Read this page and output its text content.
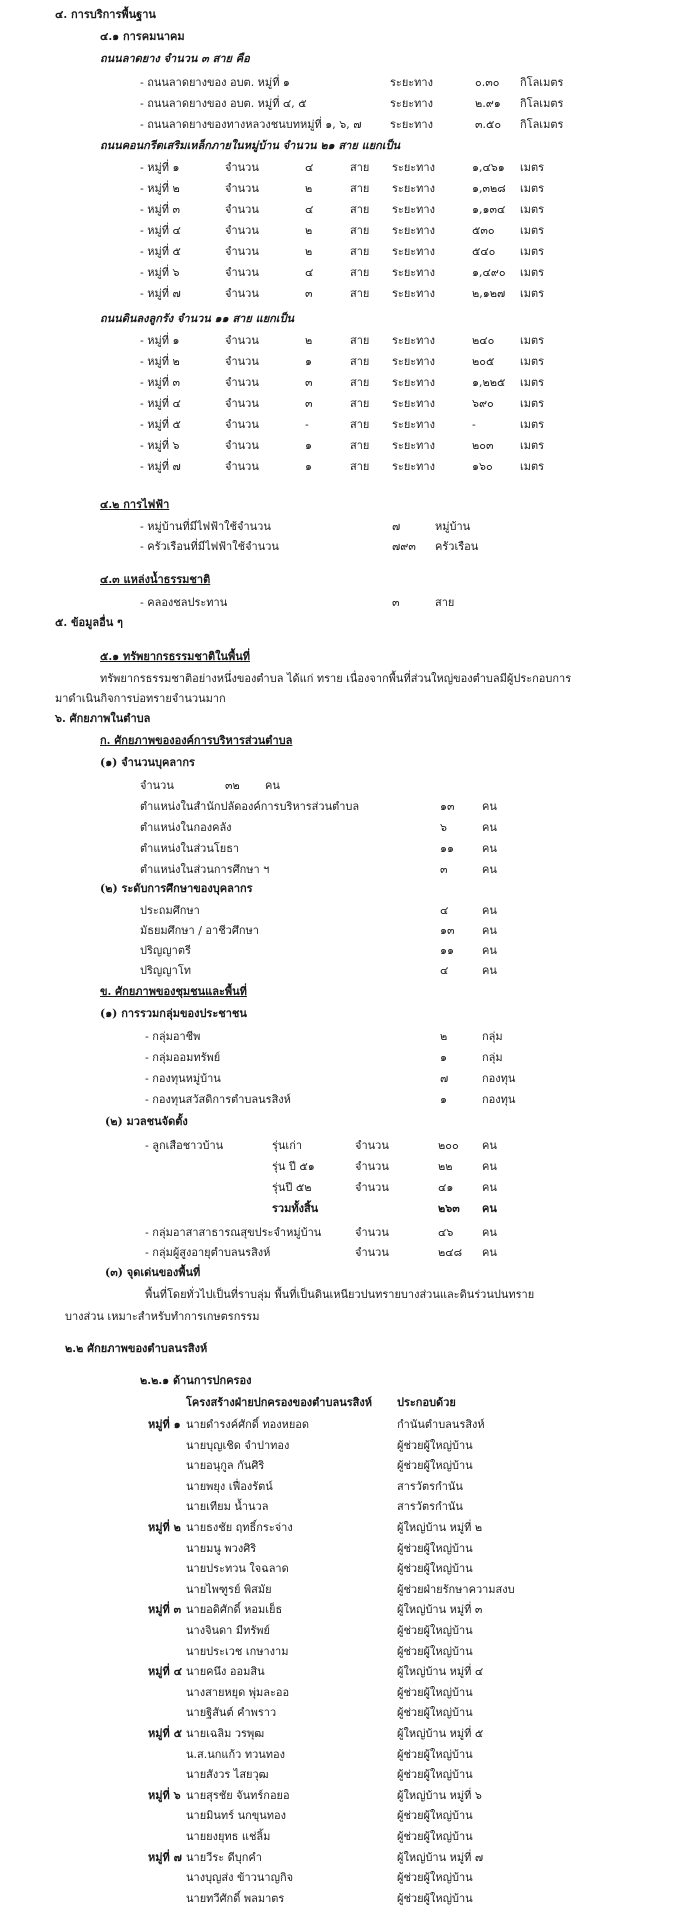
๔. การบริการพื้นฐาน
๔.๑ การคมนาคม
ถนนลาดยาง จำนวน ๓ สาย คือ
- ถนนลาดยางของ อบต. หมู่ที่ ๑	ระยะทาง	๐.๓๐ กิโลเมตร
- ถนนลาดยางของ อบต. หมู่ที่ ๔, ๕	ระยะทาง	๒.๙๑ กิโลเมตร
- ถนนลาดยางของทางหลวงชนบทหมู่ที่ ๑, ๖, ๗	ระยะทาง	๓.๕๐ กิโลเมตร
ถนนคอนกรีตเสริมเหล็กภายในหมู่บ้าน จำนวน ๒๑ สาย แยกเป็น
- หมู่ที่ ๑	จำนวน	๔	สาย ระยะทาง	๑,๔๖๑ เมตร
- หมู่ที่ ๒	จำนวน	๒	สาย ระยะทาง	๑,๓๒๘ เมตร
- หมู่ที่ ๓	จำนวน	๔	สาย ระยะทาง	๑,๑๓๔ เมตร
- หมู่ที่ ๔	จำนวน	๒	สาย ระยะทาง	๕๓๐ เมตร
- หมู่ที่ ๕	จำนวน	๒	สาย ระยะทาง	๕๔๐ เมตร
- หมู่ที่ ๖	จำนวน	๔	สาย ระยะทาง	๑,๔๙๐ เมตร
- หมู่ที่ ๗	จำนวน	๓	สาย ระยะทาง	๒,๑๒๗ เมตร
ถนนดินลงลูกรัง จำนวน ๑๑ สาย แยกเป็น
- หมู่ที่ ๑	จำนวน	๒	สาย ระยะทาง	๒๔๐ เมตร
- หมู่ที่ ๒	จำนวน	๑	สาย ระยะทาง	๒๐๕ เมตร
- หมู่ที่ ๓	จำนวน	๓	สาย ระยะทาง	๑,๒๒๕ เมตร
- หมู่ที่ ๔	จำนวน	๓	สาย ระยะทาง	๖๙๐ เมตร
- หมู่ที่ ๕	จำนวน	-	สาย ระยะทาง	-	เมตร
- หมู่ที่ ๖	จำนวน	๑	สาย ระยะทาง	๒๐๓ เมตร
- หมู่ที่ ๗	จำนวน	๑	สาย ระยะทาง	๑๖๐ เมตร
๔.๒ การไฟฟ้า
- หมู่บ้านที่มีไฟฟ้าใช้จำนวน	๗	หมู่บ้าน
- ครัวเรือนที่มีไฟฟ้าใช้จำนวน	๗๙๓ ครัวเรือน
๔.๓ แหล่งน้ำธรรมชาติ
- คลองชลประทาน	๓	สาย
๕. ข้อมูลอื่น ๆ
๕.๑ ทรัพยากรธรรมชาติในพื้นที่
ทรัพยากรธรรมชาติอย่างหนึ่งของตำบล ได้แก่ ทราย เนื่องจากพื้นที่ส่วนใหญ่ของตำบลมีผู้ประกอบการ
มาดำเนินกิจการบ่อทรายจำนวนมาก
๖. ศักยภาพในตำบล
ก. ศักยภาพขององค์การบริหารส่วนตำบล
(๑) จำนวนบุคลากร
จำนวน	๓๒ คน
ตำแหน่งในสำนักปลัดองค์การบริหารส่วนตำบล	๑๓ คน
ตำแหน่งในกองคลัง	๖	คน
ตำแหน่งในส่วนโยธา	๑๑	คน
ตำแหน่งในส่วนการศึกษา ฯ	๓	คน
(๒) ระดับการศึกษาของบุคลากร
ประถมศึกษา	๔	คน
มัธยมศึกษา / อาชีวศึกษา	๑๓ คน
ปริญญาตรี	๑๑	คน
ปริญญาโท	๔	คน
ข. ศักยภาพของชุมชนและพื้นที่
(๑) การรวมกลุ่มของประชาชน
- กลุ่มอาชีพ	๒	กลุ่ม
- กลุ่มออมทรัพย์	๑	กลุ่ม
- กองทุนหมู่บ้าน	๗	กองทุน
- กองทุนสวัสดิการตำบลนรสิงห์	๑	กองทุน
(๒) มวลชนจัดตั้ง
- ลูกเสือชาวบ้าน	รุ่นเก่า	จำนวน	๒๐๐ คน
รุ่น ปี ๕๑	จำนวน	๒๒	คน
รุ่นปี ๕๒	จำนวน	๔๑	คน
รวมทั้งสิ้น	๒๖๓ คน
- กลุ่มอาสาสาธารณสุขประจำหมู่บ้าน	จำนวน	๔๖	คน
- กลุ่มผู้สูงอายุตำบลนรสิงห์	จำนวน	๒๔๘ คน
(๓) จุดเด่นของพื้นที่
พื้นที่โดยทั่วไปเป็นที่ราบลุ่ม พื้นที่เป็นดินเหนียวปนทรายบางส่วนและดินร่วนปนทราย
บางส่วน เหมาะสำหรับทำการเกษตรกรรม
๒.๒ ศักยภาพของตำบลนรสิงห์
๒.๒.๑ ด้านการปกครอง
โครงสร้างฝ่ายปกครองของตำบลนรสิงห์ ประกอบด้วย
หมู่ที่ ๑ นายดำรงค์ศักดิ์ ทองหยอด	กำนันตำบลนรสิงห์
นายบุญเชิด จำปาทอง	ผู้ช่วยผู้ใหญ่บ้าน
นายอนุกูล กันศิริ	ผู้ช่วยผู้ใหญ่บ้าน
นายพยุง เฟื่องรัตน์	สารวัตรกำนัน
นายเทียม น้ำนวล	สารวัตรกำนัน
หมู่ที่ ๒ นายธงชัย ฤทธิ์กระจ่าง	ผู้ใหญ่บ้าน หมู่ที่ ๒
นายมนู พวงศิริ	ผู้ช่วยผู้ใหญ่บ้าน
นายประทวน ใจฉลาด	ผู้ช่วยผู้ใหญ่บ้าน
นายไพฑูรย์ พิสมัย	ผู้ช่วยฝ่ายรักษาความสงบ
หมู่ที่ ๓ นายอดิศักดิ์ หอมเย็ธ	ผู้ใหญ่บ้าน หมู่ที่ ๓
นางจินดา มีทรัพย์	ผู้ช่วยผู้ใหญ่บ้าน
นายประเวช เกษางาม	ผู้ช่วยผู้ใหญ่บ้าน
หมู่ที่ ๔ นายคนึง ออมสิน	ผู้ใหญ่บ้าน หมู่ที่ ๔
นางสายหยุด พุ่มละออ	ผู้ช่วยผู้ใหญ่บ้าน
นายฐิสันต์ คำพราว	ผู้ช่วยผู้ใหญ่บ้าน
หมู่ที่ ๕ นายเฉลิม วรพุฒ	ผู้ใหญ่บ้าน หมู่ที่ ๕
น.ส.นกแก้ว ทวนทอง	ผู้ช่วยผู้ใหญ่บ้าน
นายสังวร ไสยวุฒ	ผู้ช่วยผู้ใหญ่บ้าน
หมู่ที่ ๖ นายสุรชัย จันทร์กอยอ	ผู้ใหญ่บ้าน หมู่ที่ ๖
นายมินทร์ นกขุนทอง	ผู้ช่วยผู้ใหญ่บ้าน
นายยงยุทธ แช่ลิ้ม	ผู้ช่วยผู้ใหญ่บ้าน
หมู่ที่ ๗ นายวีระ ดีบุกคำ	ผู้ใหญ่บ้าน หมู่ที่ ๗
นางบุญส่ง ข้าวนาญกิจ	ผู้ช่วยผู้ใหญ่บ้าน
นายทวีศักดิ์ พลมาตร	ผู้ช่วยผู้ใหญ่บ้าน
